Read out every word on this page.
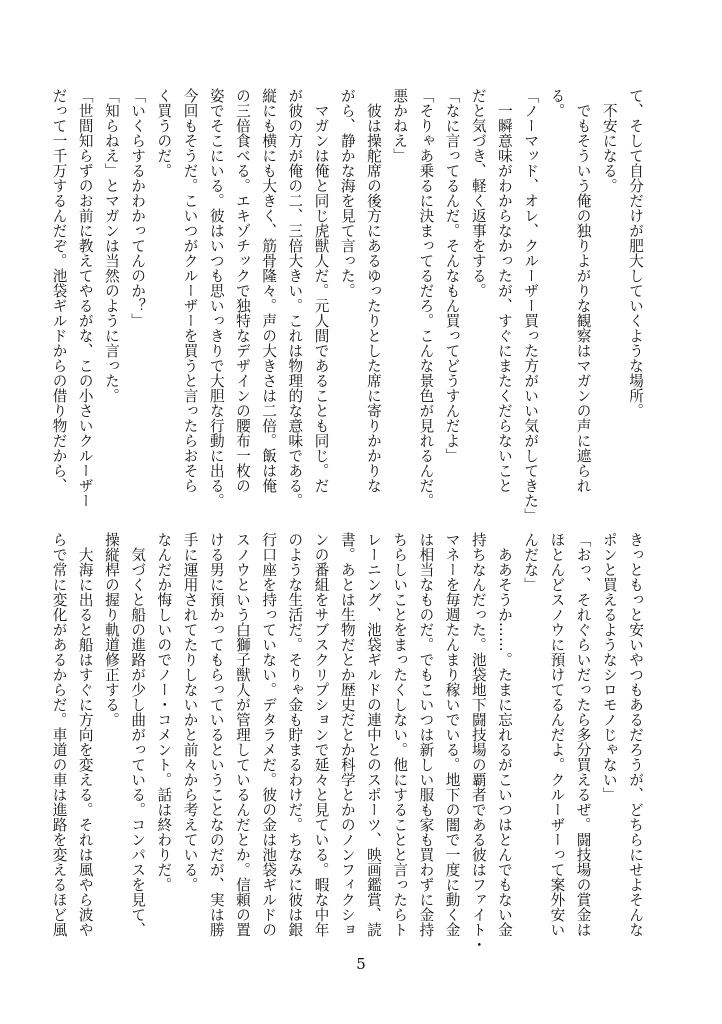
て、そして自分だけが肥大していくような場所。
不安になる。
でもそういう俺の独りよがりな観察はマガンの声に遮られ
る。
「ノーマッド、オレ、クルーザー買った方がいい気がしてきた」
一瞬意味がわからなかったが、すぐにまたくだらないこと
だと気づき、軽く返事をする。
「なに言ってるんだ。そんなもん買ってどうすんだよ」
「そりゃあ乗るに決まってるだろ。こんな景色が見れるんだ。
悪かねえ」
彼は操舵席の後方にあるゆったりとした席に寄りかかりな
がら、静かな海を見て言った。
マガンは俺と同じ虎獣人だ。元人間であることも同じ。だ
が彼の方が俺の二、三倍大きい。これは物理的な意味である。
縦にも横にも大きく、筋骨隆々。声の大きさは二倍。飯は俺
の三倍食べる。エキゾチックで独特なデザインの腰布一枚の
姿でそこにいる。彼はいつも思いっきりで大胆な行動に出る。
今回もそうだ。こいつがクルーザーを買うと言ったらおそら
く買うのだ。
「いくらするかわかってんのか？」
「知らねえ」とマガンは当然のように言った。
「世間知らずのお前に教えてやるがな、この小さいクルーザー
だって一千万するんだぞ。池袋ギルドからの借り物だから、
きっともっと安いやつもあるだろうが、どちらにせよそんな
ポンと買えるようなシロモノじゃない」
「おっ、それぐらいだったら多分買えるぜ。闘技場の賞金は
ほとんどスノウに預けてるんだよ。クルーザーって案外安い
んだな」
ああそうか……。たまに忘れるがこいつはとんでもない金
持ちなんだった。池袋地下闘技場の覇者である彼はファイト・
マネーを毎週たんまり稼いでいる。地下の闇で一度に動く金
は相当なものだ。でもこいつは新しい服も家も買わずに金持
ちらしいことをまったくしない。他にすることと言ったらト
レーニング、池袋ギルドの連中とのスポーツ、映画鑑賞、読
書。あとは生物だとか歴史だとか科学とかのノンフィクショ
ンの番組をサブスクリプションで延々と見ている。暇な中年
のような生活だ。そりゃ金も貯まるわけだ。ちなみに彼は銀
行口座を持っていない。デタラメだ。彼の金は池袋ギルドの
スノウという白獅子獣人が管理しているんだとか。信頼の置
ける男に預かってもらっているということなのだが、実は勝
手に運用されてたりしないかと前々から考えている。
なんだか悔しいのでノー・コメント。話は終わりだ。
気づくと船の進路が少し曲がっている。コンパスを見て、
操縦桿の握り軌道修正する。
大海に出ると船はすぐに方向を変える。それは風やら波や
らで常に変化があるからだ。車道の車は進路を変えるほど風
5
